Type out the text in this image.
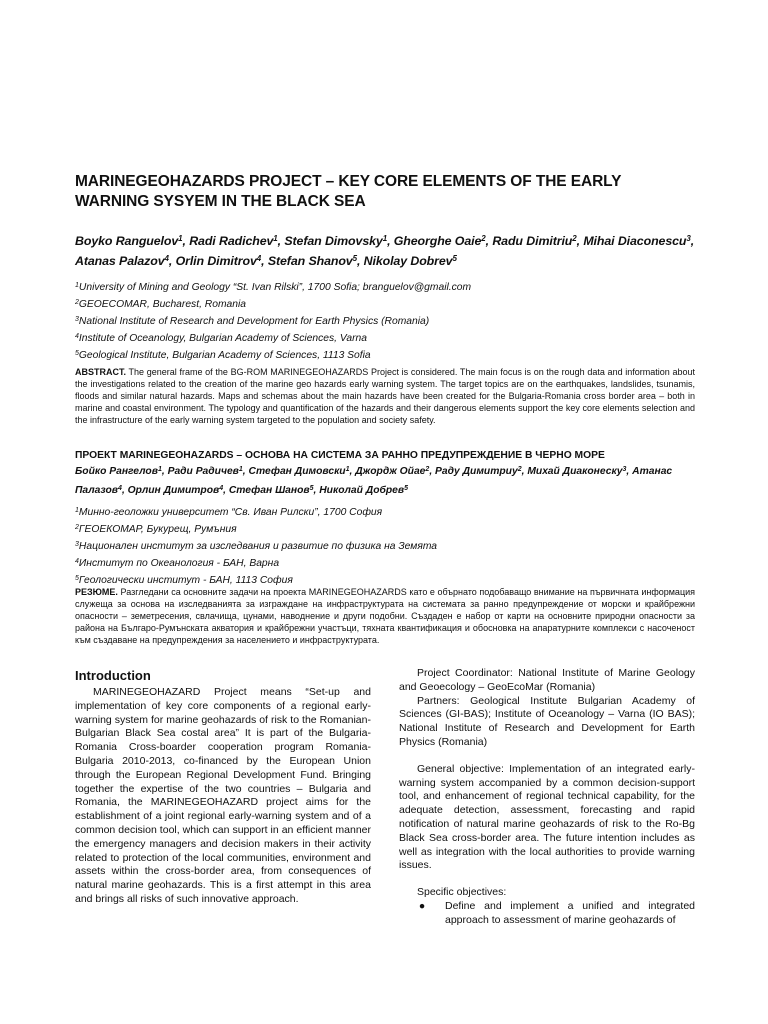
MARINEGEOHAZARDS PROJECT – KEY CORE ELEMENTS OF THE EARLY WARNING SYSYEM IN THE BLACK SEA
Boyko Ranguelov$^1$, Radi Radichev$^1$, Stefan Dimovsky$^1$, Gheorghe Oaie$^2$, Radu Dimitriu$^2$, Mihai Diaconescu$^3$, Atanas Palazov$^4$, Orlin Dimitrov$^4$, Stefan Shanov$^5$, Nikolay Dobrev$^5$
$^1$University of Mining and Geology “St. Ivan Rilski”, 1700 Sofia; branguelov@gmail.com
$^2$GEOECOMAR, Bucharest, Romania
$^3$National Institute of Research and Development for Earth Physics (Romania)
$^4$Institute of Oceanology, Bulgarian Academy of Sciences, Varna
$^5$Geological Institute, Bulgarian Academy of Sciences, 1113 Sofia
ABSTRACT. The general frame of the BG-ROM MARINEGEOHAZARDS Project is considered. The main focus is on the rough data and information about the investigations related to the creation of the marine geo hazards early warning system. The target topics are on the earthquakes, landslides, tsunamis, floods and similar natural hazards. Maps and schemas about the main hazards have been created for the Bulgaria-Romania cross border area – both in marine and coastal environment. The typology and quantification of the hazards and their dangerous elements support the key core elements selection and the infrastructure of the early warning system targeted to the population and society safety.
ПРОЕКТ MARINEGEOHAZARDS – ОСНОВА НА СИСТЕМА ЗА РАННО ПРЕДУПРЕЖДЕНИЕ В ЧЕРНО МОРЕ
Бойко Рангелов$^1$, Ради Радичев$^1$, Стефан Димовски$^1$, Джордж Ойае$^2$, Раду Димитриу$^2$, Михай Диаконеску$^3$, Атанас Палазов$^4$, Орлин Димитров$^4$, Стефан Шанов$^5$, Николай Добрев$^5$
$^1$Минно-геоложки университет “Св. Иван Рилски”, 1700 София
$^2$ГЕОЕКОМАР, Букурещ, Румъния
$^3$Национален институт за изследвания и развитие по физика на Земята
$^4$Институт по Океанология - БАН, Варна
$^5$Геологически институт - БАН, 1113 София
РЕЗЮМЕ. Разгледани са основните задачи на проекта MARINEGEOHAZARDS като е обърнато подобаващо внимание на първичната информация служеща за основа на изследванията за изграждане на инфраструктурата на системата за ранно предупреждение от морски и крайбрежни опасности – земетресения, свлачища, цунами, наводнение и други подобни. Създаден е набор от карти на основните природни опасности за района на Българо-Румънската акватория и крайбрежни участъци, тяхната квантификация и обосновка на апаратурните комплекси с насоченост към създаване на предупреждения за населението и инфраструктурата.
Introduction

MARINEGEOHAZARD Project means “Set-up and implementation of key core components of a regional early-warning system for marine geohazards of risk to the Romanian-Bulgarian Black Sea costal area” It is part of the Bulgaria-Romania Cross-boarder cooperation program Romania-Bulgaria 2010-2013, co-financed by the European Union through the European Regional Development Fund. Bringing together the expertise of the two countries – Bulgaria and Romania, the MARINEGEOHAZARD project aims for the establishment of a joint regional early-warning system and of a common decision tool, which can support in an efficient manner the emergency managers and decision makers in their activity related to protection of the local communities, environment and assets within the cross-border area, from consequences of natural marine geohazards. This is a first attempt in this area and brings all risks of such innovative approach.

Project Coordinator: National Institute of Marine Geology and Geoecology – GeoEcoMar (Romania)

Partners: Geological Institute Bulgarian Academy of Sciences (GI-BAS); Institute of Oceanology – Varna (IO BAS); National Institute of Research and Development for Earth Physics (Romania)

General objective: Implementation of an integrated early-warning system accompanied by a common decision-support tool, and enhancement of regional technical capability, for the adequate detection, assessment, forecasting and rapid notification of natural marine geohazards of risk to the Ro-Bg Black Sea cross-border area. The future intention includes as well as integration with the local authorities to provide warning issues.

Specific objectives:

●	Define and implement a unified and integrated approach to assessment of marine geohazards of
